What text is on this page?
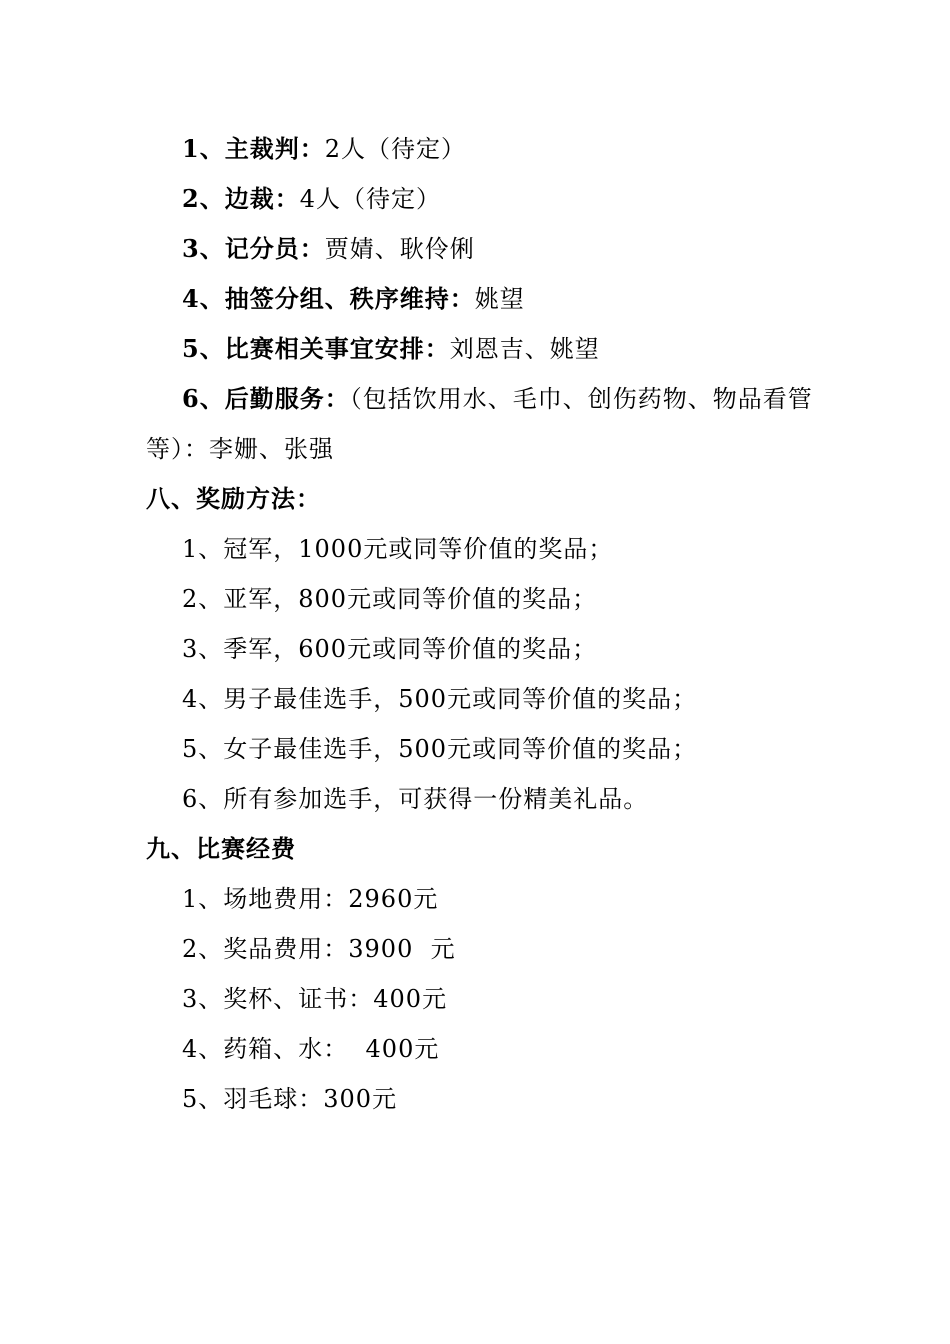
1、主裁判：2人（待定）
2、边裁：4人（待定）
3、记分员：贾婧、耿伶俐
4、抽签分组、秩序维持：姚望
5、比赛相关事宜安排：刘恩吉、姚望
6、后勤服务：（包括饮用水、毛巾、创伤药物、物品看管
等）：李姗、张强
八、奖励方法：
1、冠军，1000元或同等价值的奖品；
2、亚军，800元或同等价值的奖品；
3、季军，600元或同等价值的奖品；
4、男子最佳选手，500元或同等价值的奖品；
5、女子最佳选手，500元或同等价值的奖品；
6、所有参加选手，可获得一份精美礼品。
九、比赛经费
1、场地费用：2960元
2、奖品费用：3900  元
3、奖杯、证书：400元
4、药箱、水：  400元
5、羽毛球：300元
